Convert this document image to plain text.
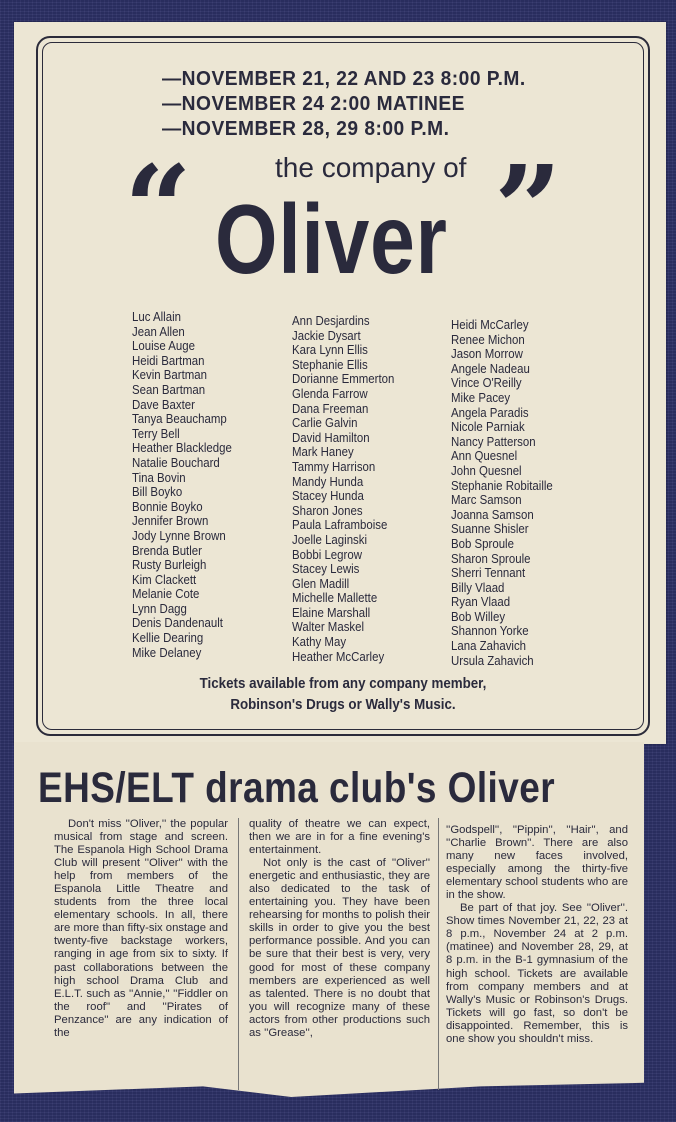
—NOVEMBER 21, 22 AND 23 8:00 P.M.
—NOVEMBER 24 2:00 MATINEE
—NOVEMBER 28, 29 8:00 P.M.
the company of
“	”
Oliver
Luc Allain
Jean Allen
Louise Auge
Heidi Bartman
Kevin Bartman
Sean Bartman
Dave Baxter
Tanya Beauchamp
Terry Bell
Heather Blackledge
Natalie Bouchard
Tina Bovin
Bill Boyko
Bonnie Boyko
Jennifer Brown
Jody Lynne Brown
Brenda Butler
Rusty Burleigh
Kim Clackett
Melanie Cote
Lynn Dagg
Denis Dandenault
Kellie Dearing
Mike Delaney
Ann Desjardins
Jackie Dysart
Kara Lynn Ellis
Stephanie Ellis
Dorianne Emmerton
Glenda Farrow
Dana Freeman
Carlie Galvin
David Hamilton
Mark Haney
Tammy Harrison
Mandy Hunda
Stacey Hunda
Sharon Jones
Paula Laframboise
Joelle Laginski
Bobbi Legrow
Stacey Lewis
Glen Madill
Michelle Mallette
Elaine Marshall
Walter Maskel
Kathy May
Heather McCarley
Heidi McCarley
Renee Michon
Jason Morrow
Angele Nadeau
Vince O'Reilly
Mike Pacey
Angela Paradis
Nicole Parniak
Nancy Patterson
Ann Quesnel
John Quesnel
Stephanie Robitaille
Marc Samson
Joanna Samson
Suanne Shisler
Bob Sproule
Sharon Sproule
Sherri Tennant
Billy Vlaad
Ryan Vlaad
Bob Willey
Shannon Yorke
Lana Zahavich
Ursula Zahavich
Tickets available from any company member,
Robinson's Drugs or Wally's Music.
EHS/ELT drama club's Oliver

Don't miss ''Oliver,'' the popular musical from stage and screen. The Espanola High School Drama Club will present ''Oliver'' with the help from members of the Espanola Little Theatre and students from the three local elementary schools. In all, there are more than fifty-six onstage and twenty-five backstage workers, ranging in age from six to sixty. If past collaborations between the high school Drama Club and E.L.T. such as ''Annie,'' ''Fiddler on the roof'' and ''Pirates of Penzance'' are any indication of the

quality of theatre we can expect, then we are in for a fine evening's entertainment.

Not only is the cast of ''Oliver'' energetic and enthusiastic, they are also dedicated to the task of entertaining you. They have been rehearsing for months to polish their skills in order to give you the best performance possible. And you can be sure that their best is very, very good for most of these company members are experienced as well as talented. There is no doubt that you will recognize many of these actors from other productions such as ''Grease'',

''Godspell'', ''Pippin'', ''Hair'', and ''Charlie Brown''. There are also many new faces involved, especially among the thirty-five elementary school students who are in the show.

Be part of that joy. See ''Oliver''. Show times November 21, 22, 23 at 8 p.m., November 24 at 2 p.m. (matinee) and November 28, 29, at 8 p.m. in the B-1 gymnasium of the high school. Tickets are available from company members and at Wally's Music or Robinson's Drugs. Tickets will go fast, so don't be disappointed. Remember, this is one show you shouldn't miss.
